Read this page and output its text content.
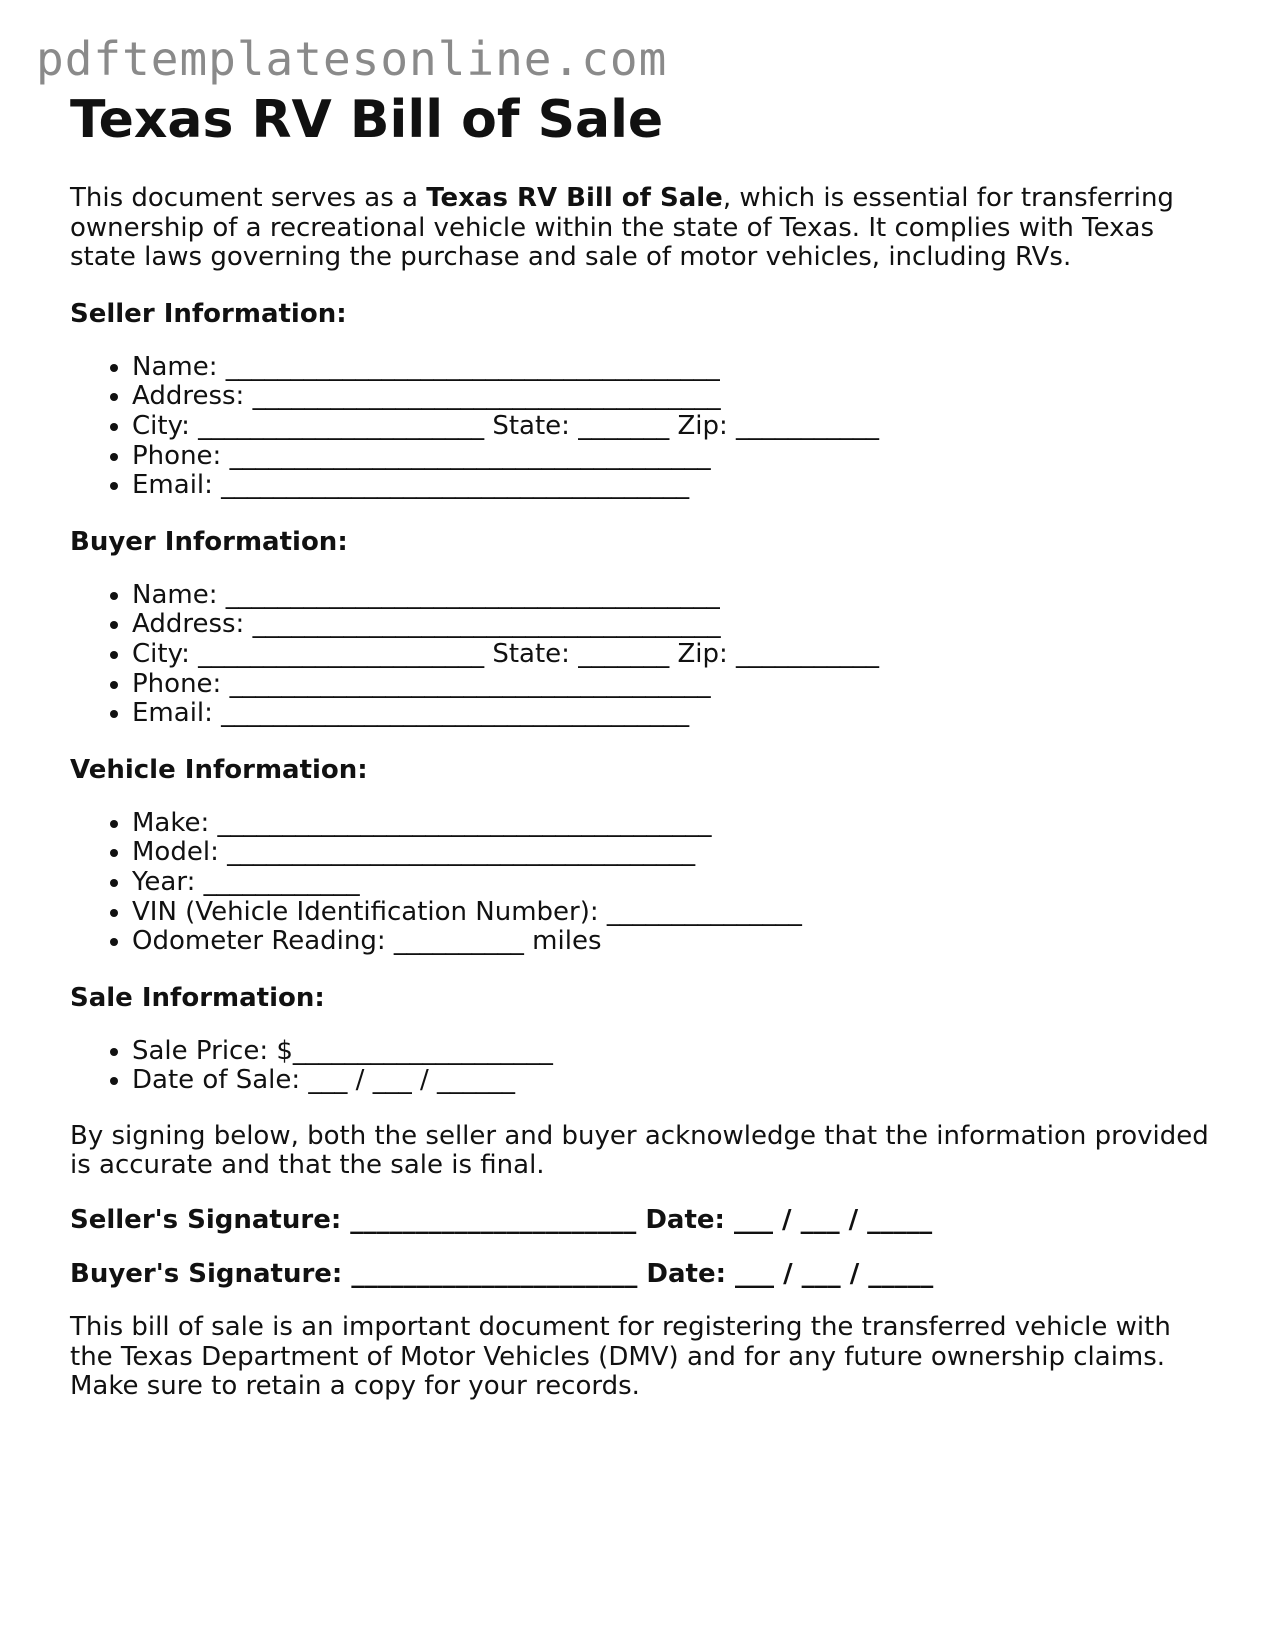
pdftemplatesonline.com
Texas RV Bill of Sale

This document serves as a Texas RV Bill of Sale, which is essential for transferring ownership of a recreational vehicle within the state of Texas. It complies with Texas state laws governing the purchase and sale of motor vehicles, including RVs.

Seller Information:
• Name: ______________________________________
• Address: ____________________________________
• City: ______________________ State: _______ Zip: ___________
• Phone: _____________________________________
• Email: ____________________________________
Buyer Information:
• Name: ______________________________________
• Address: ____________________________________
• City: ______________________ State: _______ Zip: ___________
• Phone: _____________________________________
• Email: ____________________________________
Vehicle Information:
• Make: ______________________________________
• Model: ____________________________________
• Year: ____________
• VIN (Vehicle Identification Number): _______________
• Odometer Reading: __________ miles
Sale Information:
• Sale Price: $____________________
• Date of Sale: ___ / ___ / ______

By signing below, both the seller and buyer acknowledge that the information provided is accurate and that the sale is final.

Seller's Signature: ______________________ Date: ___ / ___ / _____
Buyer's Signature: ______________________ Date: ___ / ___ / _____

This bill of sale is an important document for registering the transferred vehicle with the Texas Department of Motor Vehicles (DMV) and for any future ownership claims. Make sure to retain a copy for your records.
